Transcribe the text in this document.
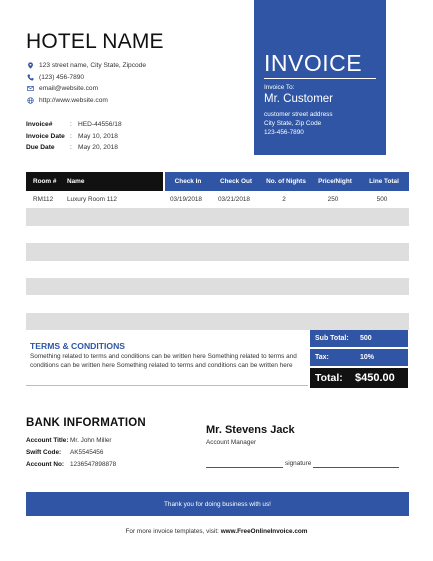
HOTEL NAME
123 street name, City State, Zipcode
(123) 456-7890
email@website.com
http://www.website.com
Invoice#	: HED-44556/18
Invoice Date : May 10, 2018
Due Date	: May 20, 2018
INVOICE
Invoice To:
Mr. Customer
customer street address
City State, Zip Code
123-456-7890
Room #	Name	Check In	Check Out	No. of Nights	Price/Night	Line Total
RM112	Luxury Room 112	03/19/2018	03/21/2018	2	250	500
TERMS & CONDITIONS
Something related to terms and conditions can be written here Something related to terms and conditions can be written here Something related to terms and conditions can be written here
Sub Total:	500
Tax:	10%
Total:	$450.00
BANK INFORMATION
Account Title: Mr. John Miller
Swift Code:	AK5545456
Account No: 1236547898878
Mr. Stevens Jack
Account Manager
signature
Thank you for doing business with us!
For more invoice templates, visit: www.FreeOnlineInvoice.com
